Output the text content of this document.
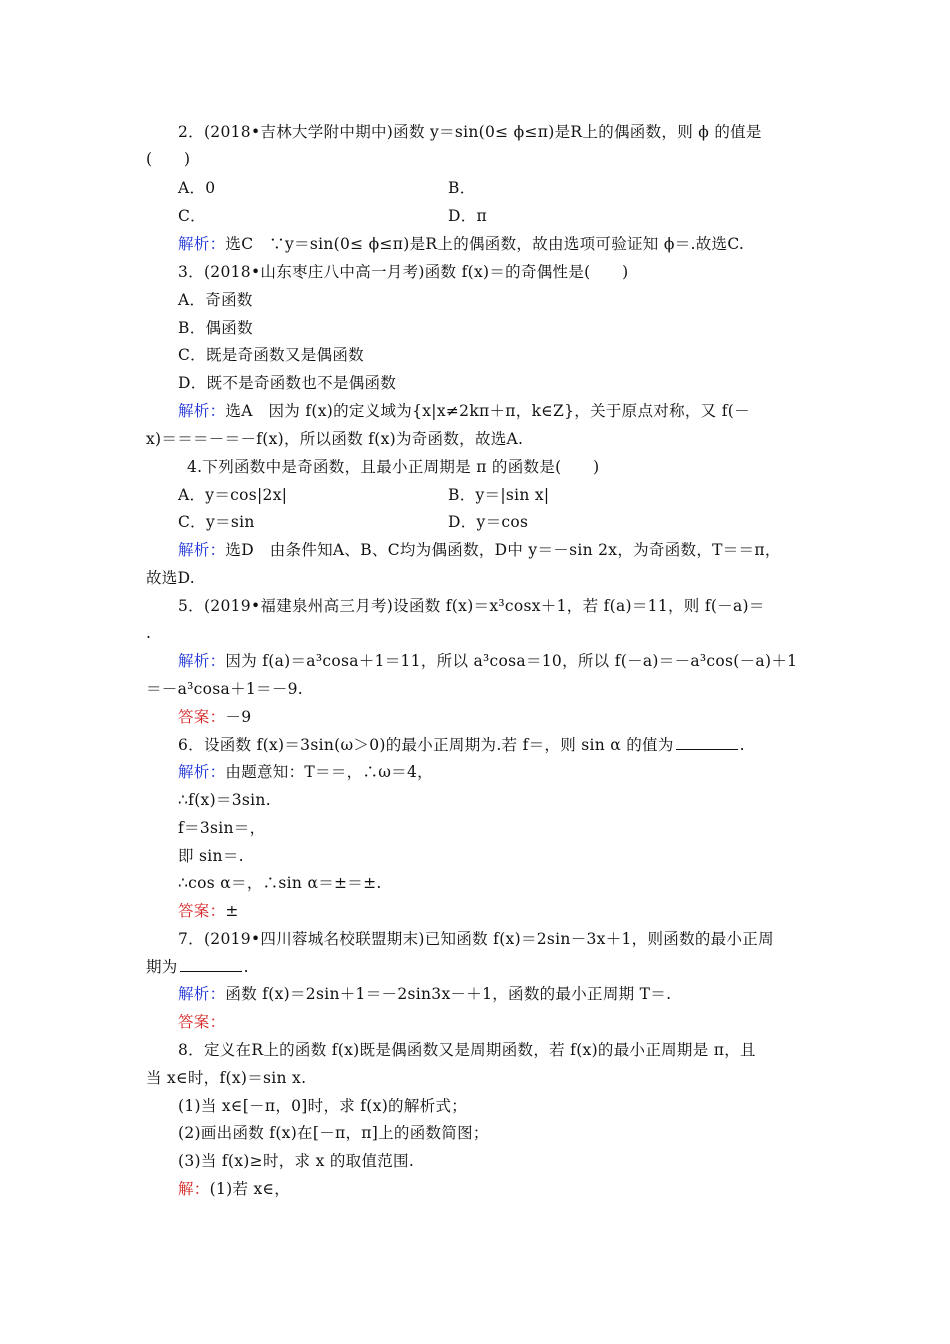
2．(2018•吉林大学附中期中)函数 y＝sin(0≤ ϕ≤π)是R上的偶函数，则 ϕ 的值是
(　　)
A．0	B．
C．	D．π
解析：选C　∵y＝sin(0≤ ϕ≤π)是R上的偶函数，故由选项可验证知 ϕ＝.故选C.
3．(2018•山东枣庄八中高一月考)函数 f(x)＝的奇偶性是(　　)
A．奇函数
B．偶函数
C．既是奇函数又是偶函数
D．既不是奇函数也不是偶函数
解析：选A　因为 f(x)的定义域为{x|x≠2kπ＋π，k∈Z}，关于原点对称，又 f(－
x)＝＝＝－＝－f(x)，所以函数 f(x)为奇函数，故选A.
4.下列函数中是奇函数，且最小正周期是 π 的函数是(　　)
A．y＝cos|2x|	B．y＝|sin x|
C．y＝sin	D．y＝cos
解析：选D　由条件知A、B、C均为偶函数，D中 y＝－sin 2x，为奇函数，T＝＝π，
故选D.
5．(2019•福建泉州高三月考)设函数 f(x)＝x³cosx＋1，若 f(a)＝11，则 f(－a)＝
.
解析：因为 f(a)＝a³cosa＋1＝11，所以 a³cosa＝10，所以 f(－a)＝－a³cos(－a)＋1
＝－a³cosa＋1＝－9.
答案：－9
6．设函数 f(x)＝3sin(ω＞0)的最小正周期为.若 f＝，则 sin α 的值为	.
解析：由题意知：T＝＝，∴ω＝4，
∴f(x)＝3sin.
f＝3sin＝，
即 sin＝.
∴cos α＝，∴sin α＝±＝±.
答案：±
7．(2019•四川蓉城名校联盟期末)已知函数 f(x)＝2sin－3x＋1，则函数的最小正周
期为	.
解析：函数 f(x)＝2sin＋1＝－2sin3x－＋1，函数的最小正周期 T＝.
答案：
8．定义在R上的函数 f(x)既是偶函数又是周期函数，若 f(x)的最小正周期是 π，且
当 x∈时，f(x)＝sin x.
(1)当 x∈[－π，0]时，求 f(x)的解析式；
(2)画出函数 f(x)在[－π，π]上的函数简图；
(3)当 f(x)≥时，求 x 的取值范围.
解：(1)若 x∈，
